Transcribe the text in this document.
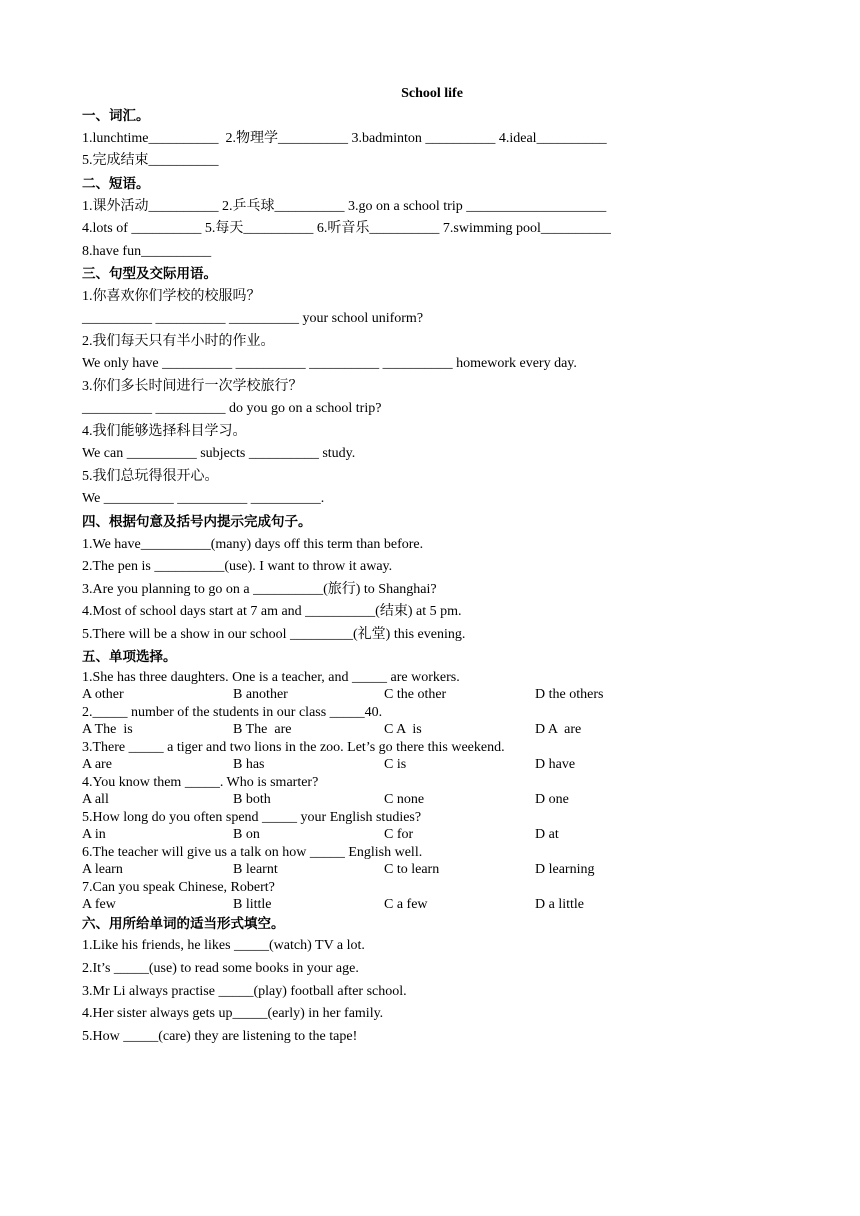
School life
一、词汇。
1.lunchtime__________  2.物理学__________ 3.badminton __________ 4.ideal__________
5.完成结束__________
二、短语。
1.课外活动__________ 2.乒乓球__________ 3.go on a school trip ____________________
4.lots of __________ 5.每天__________ 6.听音乐__________ 7.swimming pool__________
8.have fun__________
三、句型及交际用语。
1.你喜欢你们学校的校服吗？
__________ __________ __________ your school uniform?
2.我们每天只有半小时的作业。
We only have __________ __________ __________ __________ homework every day.
3.你们多长时间进行一次学校旅行？
__________ __________ do you go on a school trip?
4.我们能够选择科目学习。
We can __________ subjects __________ study.
5.我们总玩得很开心。
We __________ __________ __________.
四、根据句意及括号内提示完成句子。
1.We have__________(many) days off this term than before.
2.The pen is __________(use). I want to throw it away.
3.Are you planning to go on a __________(旅行) to Shanghai?
4.Most of school days start at 7 am and __________(结束) at 5 pm.
5.There will be a show in our school _________(礼堂) this evening.
五、单项选择。
1.She has three daughters. One is a teacher, and _____ are workers.
A other	B another	C the other	D the others
2._____ number of the students in our class _____40.
A The  is	B The  are	C A  is	D A  are
3.There _____ a tiger and two lions in the zoo. Let’s go there this weekend.
A are	B has	C is	D have
4.You know them _____. Who is smarter?
A all	B both	C none	D one
5.How long do you often spend _____ your English studies?
A in	B on	C for	D at
6.The teacher will give us a talk on how _____ English well.
A learn	B learnt	C to learn	D learning
7.Can you speak Chinese, Robert?
A few	B little	C a few	D a little
六、用所给单词的适当形式填空。
1.Like his friends, he likes _____(watch) TV a lot.
2.It’s _____(use) to read some books in your age.
3.Mr Li always practise _____(play) football after school.
4.Her sister always gets up_____(early) in her family.
5.How _____(care) they are listening to the tape!
